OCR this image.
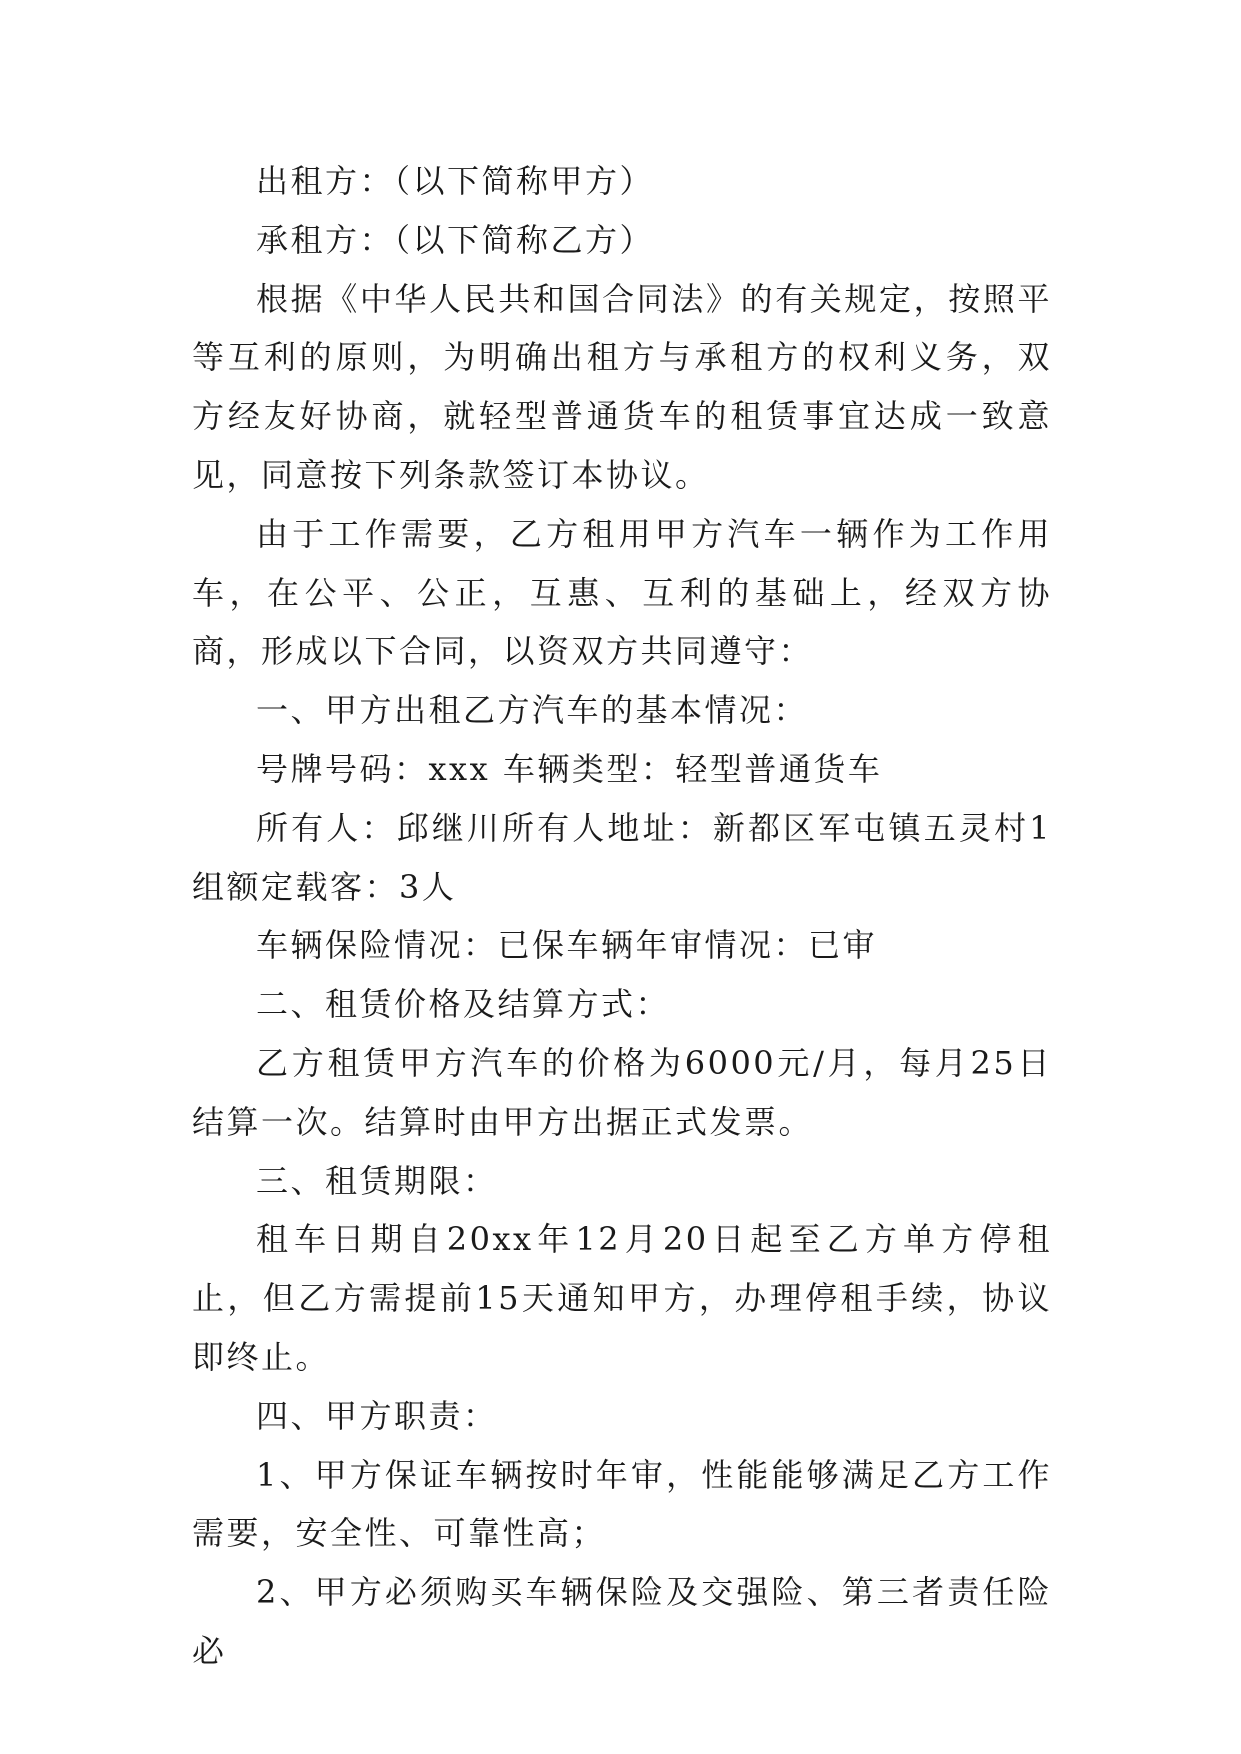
出租方：（以下简称甲方）

承租方：（以下简称乙方）

根据《中华人民共和国合同法》的有关规定，按照平等互利的原则，为明确出租方与承租方的权利义务，双方经友好协商，就轻型普通货车的租赁事宜达成一致意见，同意按下列条款签订本协议。

由于工作需要，乙方租用甲方汽车一辆作为工作用车，在公平、公正，互惠、互利的基础上，经双方协商，形成以下合同，以资双方共同遵守：

一、甲方出租乙方汽车的基本情况：

号牌号码：xxx 车辆类型：轻型普通货车

所有人：邱继川所有人地址：新都区军屯镇五灵村1组额定载客：3人

车辆保险情况：已保车辆年审情况：已审

二、租赁价格及结算方式：

乙方租赁甲方汽车的价格为6000元/月，每月25日结算一次。结算时由甲方出据正式发票。

三、租赁期限：

租车日期自20xx年12月20日起至乙方单方停租止，但乙方需提前15天通知甲方，办理停租手续，协议即终止。

四、甲方职责：

1、甲方保证车辆按时年审，性能能够满足乙方工作需要，安全性、可靠性高；

2、甲方必须购买车辆保险及交强险、第三者责任险必
